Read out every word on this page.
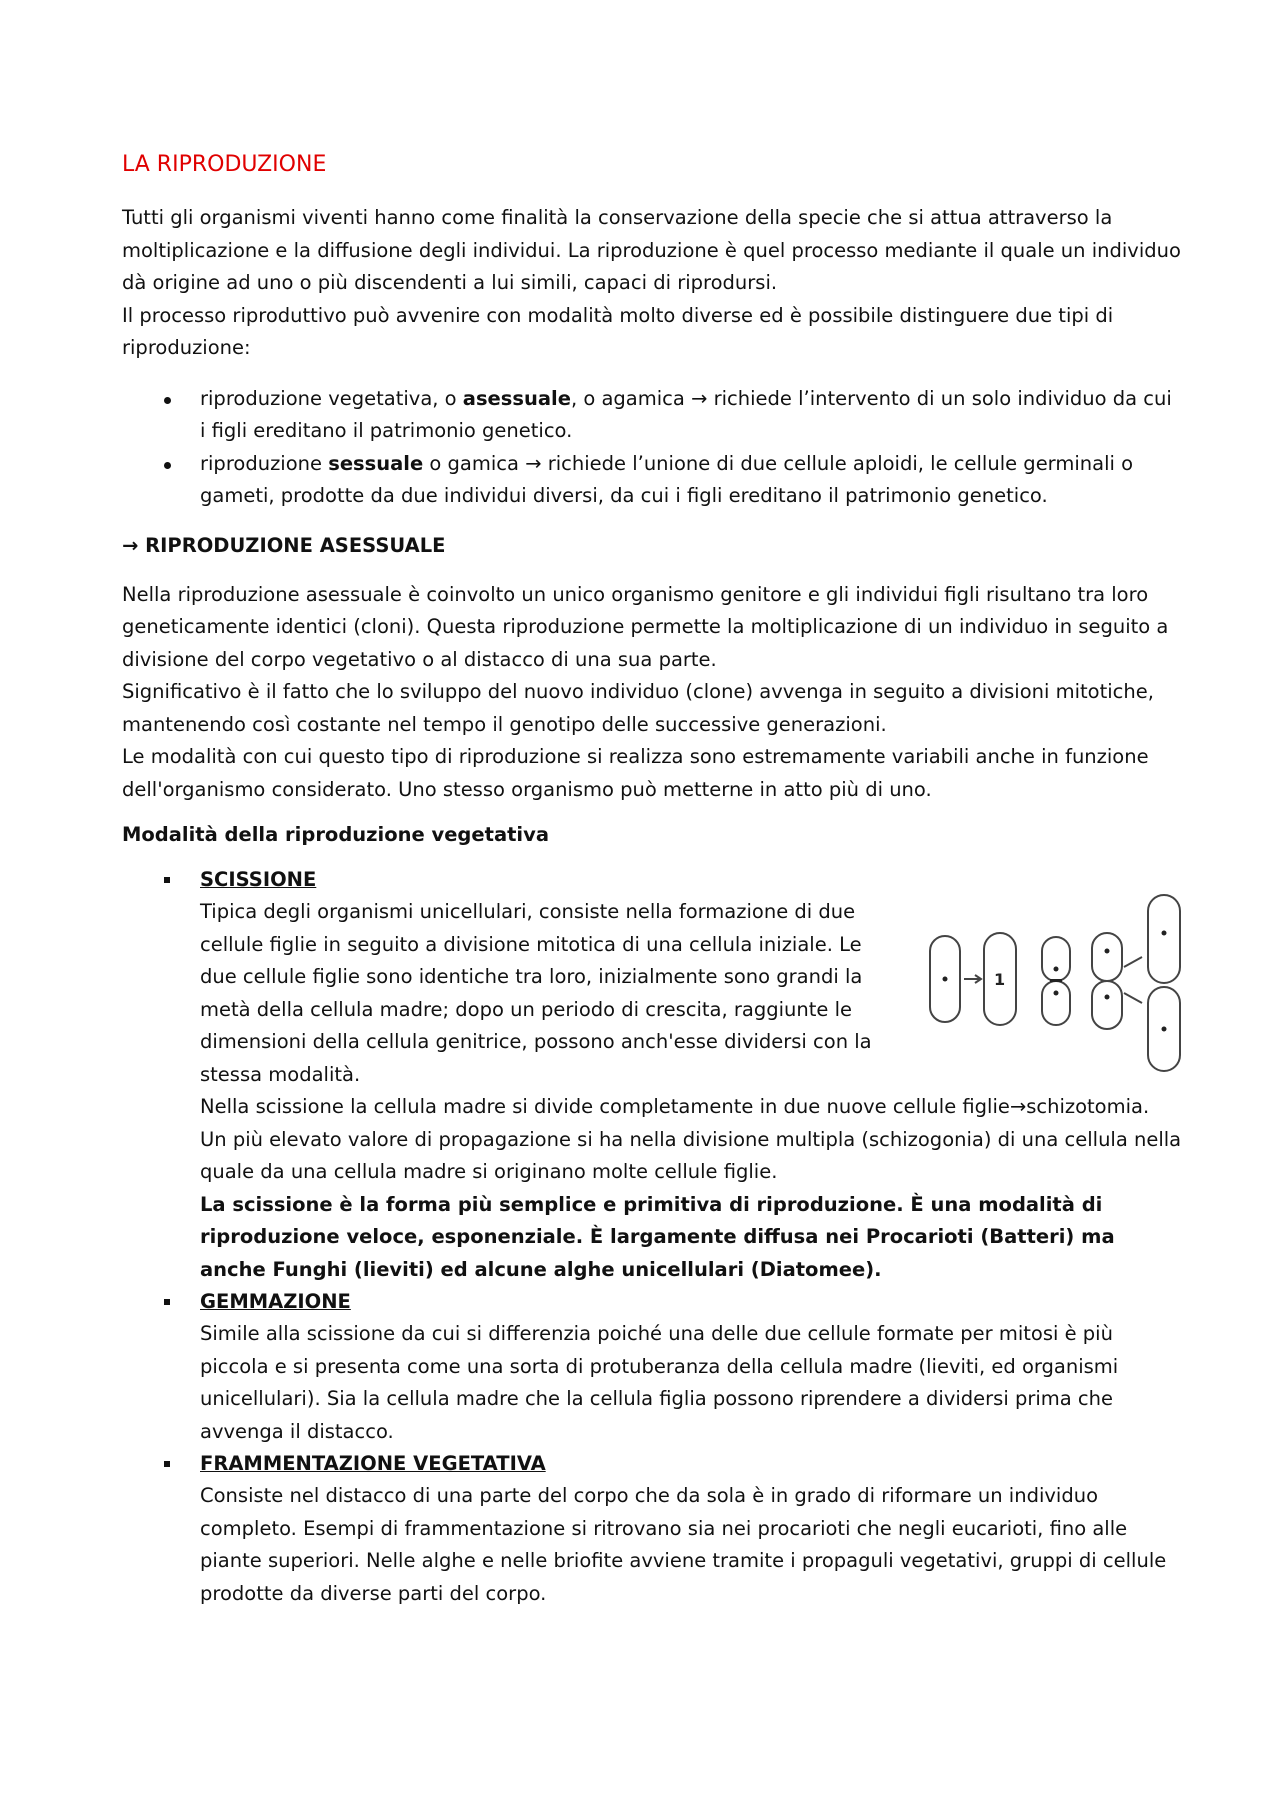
LA RIPRODUZIONE

Tutti gli organismi viventi hanno come finalità la conservazione della specie che si attua attraverso la moltiplicazione e la diffusione degli individui. La riproduzione è quel processo mediante il quale un individuo dà origine ad uno o più discendenti a lui simili, capaci di riprodursi.

Il processo riproduttivo può avvenire con modalità molto diverse ed è possibile distinguere due tipi di riproduzione:

riproduzione vegetativa, o asessuale, o agamica → richiede l’intervento di un solo individuo da cui i figli ereditano il patrimonio genetico.
riproduzione sessuale o gamica → richiede l’unione di due cellule aploidi, le cellule germinali o gameti, prodotte da due individui diversi, da cui i figli ereditano il patrimonio genetico.

→ RIPRODUZIONE ASESSUALE

Nella riproduzione asessuale è coinvolto un unico organismo genitore e gli individui figli risultano tra loro geneticamente identici (cloni). Questa riproduzione permette la moltiplicazione di un individuo in seguito a divisione del corpo vegetativo o al distacco di una sua parte.

Significativo è il fatto che lo sviluppo del nuovo individuo (clone) avvenga in seguito a divisioni mitotiche, mantenendo così costante nel tempo il genotipo delle successive generazioni.

Le modalità con cui questo tipo di riproduzione si realizza sono estremamente variabili anche in funzione dell'organismo considerato. Uno stesso organismo può metterne in atto più di uno.

Modalità della riproduzione vegetativa

SCISSIONE

Tipica degli organismi unicellulari, consiste nella formazione di due cellule figlie in seguito a divisione mitotica di una cellula iniziale. Le due cellule figlie sono identiche tra loro, inizialmente sono grandi la metà della cellula madre; dopo un periodo di crescita, raggiunte le dimensioni della cellula genitrice, possono anch'esse dividersi con la stessa modalità.

Nella scissione la cellula madre si divide completamente in due nuove cellule figlie→schizotomia.

Un più elevato valore di propagazione si ha nella divisione multipla (schizogonia) di una cellula nella quale da una cellula madre si originano molte cellule figlie.

La scissione è la forma più semplice e primitiva di riproduzione. È una modalità di riproduzione veloce, esponenziale. È largamente diffusa nei Procarioti (Batteri) ma anche Funghi (lieviti) ed alcune alghe unicellulari (Diatomee).

GEMMAZIONE

Simile alla scissione da cui si differenzia poiché una delle due cellule formate per mitosi è più piccola e si presenta come una sorta di protuberanza della cellula madre (lieviti, ed organismi unicellulari). Sia la cellula madre che la cellula figlia possono riprendere a dividersi prima che avvenga il distacco.

FRAMMENTAZIONE VEGETATIVA

Consiste nel distacco di una parte del corpo che da sola è in grado di riformare un individuo completo. Esempi di frammentazione si ritrovano sia nei procarioti che negli eucarioti, fino alle piante superiori. Nelle alghe e nelle briofite avviene tramite i propaguli vegetativi, gruppi di cellule prodotte da diverse parti del corpo.

1
